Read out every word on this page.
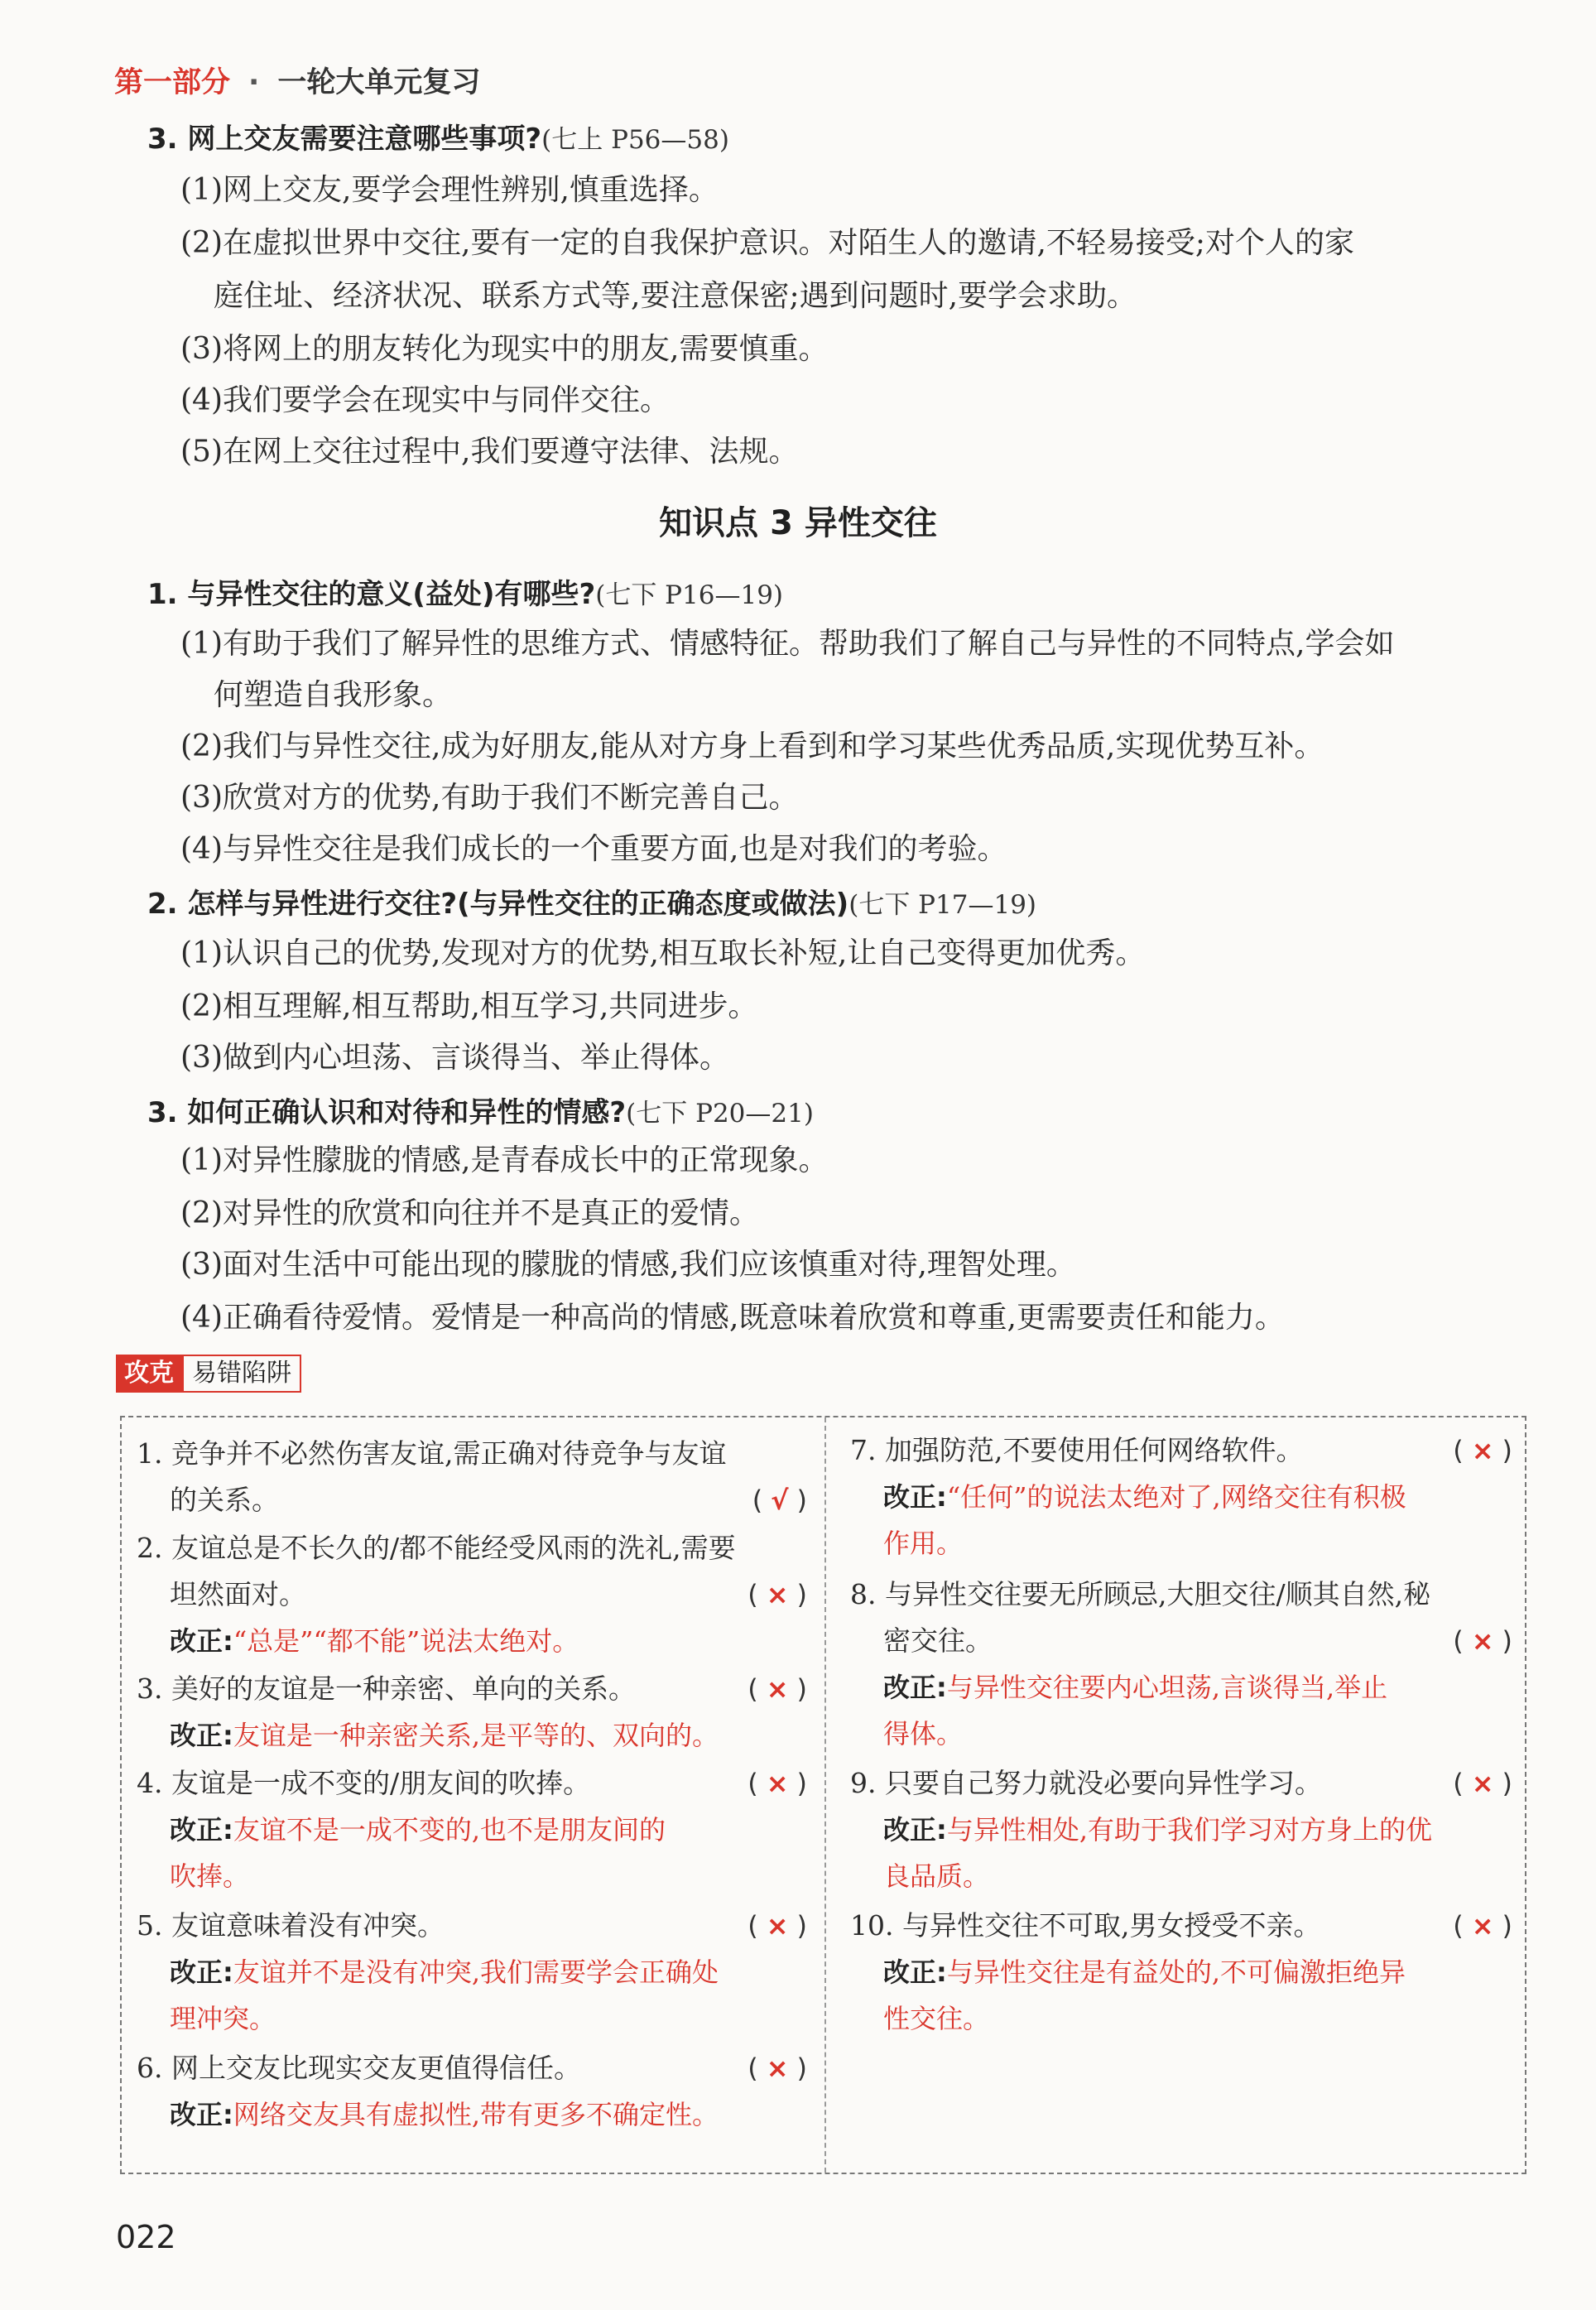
第一部分 · 一轮大单元复习
3. 网上交友需要注意哪些事项?(七上 P56—58)
(1)网上交友,要学会理性辨别,慎重选择。
(2)在虚拟世界中交往,要有一定的自我保护意识。对陌生人的邀请,不轻易接受;对个人的家
庭住址、经济状况、联系方式等,要注意保密;遇到问题时,要学会求助。
(3)将网上的朋友转化为现实中的朋友,需要慎重。
(4)我们要学会在现实中与同伴交往。
(5)在网上交往过程中,我们要遵守法律、法规。
知识点 3 异性交往
1. 与异性交往的意义(益处)有哪些?(七下 P16—19)
(1)有助于我们了解异性的思维方式、情感特征。帮助我们了解自己与异性的不同特点,学会如
何塑造自我形象。
(2)我们与异性交往,成为好朋友,能从对方身上看到和学习某些优秀品质,实现优势互补。
(3)欣赏对方的优势,有助于我们不断完善自己。
(4)与异性交往是我们成长的一个重要方面,也是对我们的考验。
2. 怎样与异性进行交往?(与异性交往的正确态度或做法)(七下 P17—19)
(1)认识自己的优势,发现对方的优势,相互取长补短,让自己变得更加优秀。
(2)相互理解,相互帮助,相互学习,共同进步。
(3)做到内心坦荡、言谈得当、举止得体。
3. 如何正确认识和对待和异性的情感?(七下 P20—21)
(1)对异性朦胧的情感,是青春成长中的正常现象。
(2)对异性的欣赏和向往并不是真正的爱情。
(3)面对生活中可能出现的朦胧的情感,我们应该慎重对待,理智处理。
(4)正确看待爱情。爱情是一种高尚的情感,既意味着欣赏和尊重,更需要责任和能力。
攻克 易错陷阱
1. 竞争并不必然伤害友谊,需正确对待竞争与友谊
的关系。	( √ )
2. 友谊总是不长久的/都不能经受风雨的洗礼,需要
坦然面对。	( × )
改正:“总是”“都不能”说法太绝对。
3. 美好的友谊是一种亲密、单向的关系。	( × )
改正:友谊是一种亲密关系,是平等的、双向的。
4. 友谊是一成不变的/朋友间的吹捧。	( × )
改正:友谊不是一成不变的,也不是朋友间的
吹捧。
5. 友谊意味着没有冲突。	( × )
改正:友谊并不是没有冲突,我们需要学会正确处
理冲突。
6. 网上交友比现实交友更值得信任。	( × )
改正:网络交友具有虚拟性,带有更多不确定性。
7. 加强防范,不要使用任何网络软件。	( × )
改正:“任何”的说法太绝对了,网络交往有积极
作用。
8. 与异性交往要无所顾忌,大胆交往/顺其自然,秘
密交往。	( × )
改正:与异性交往要内心坦荡,言谈得当,举止
得体。
9. 只要自己努力就没必要向异性学习。	( × )
改正:与异性相处,有助于我们学习对方身上的优
良品质。
10. 与异性交往不可取,男女授受不亲。	( × )
改正:与异性交往是有益处的,不可偏激拒绝异
性交往。
022
